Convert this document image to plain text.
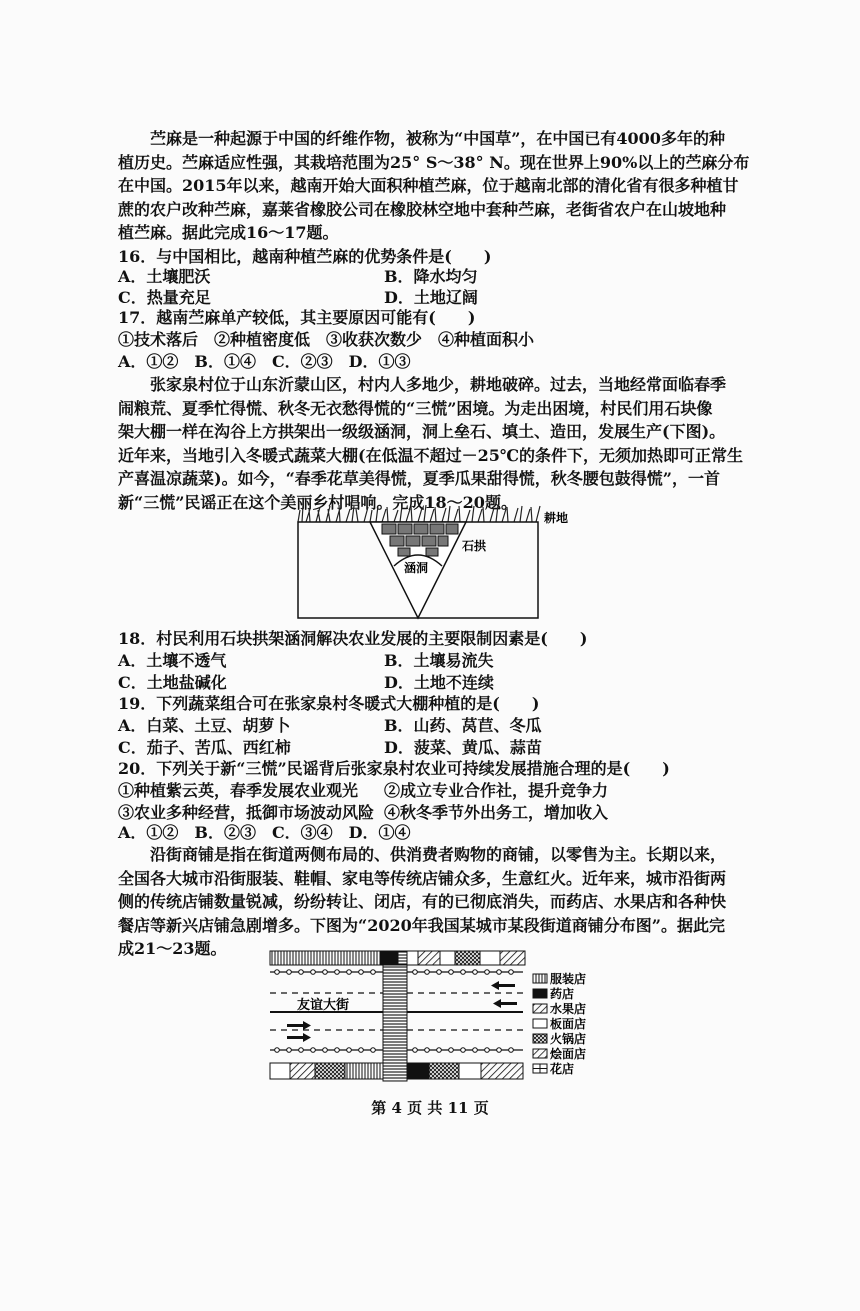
苎麻是一种起源于中国的纤维作物，被称为“中国草”，在中国已有4000多年的种
植历史。苎麻适应性强，其栽培范围为25° S～38° N。现在世界上90%以上的苎麻分布
在中国。2015年以来，越南开始大面积种植苎麻，位于越南北部的清化省有很多种植甘
蔗的农户改种苎麻，嘉莱省橡胶公司在橡胶林空地中套种苎麻，老街省农户在山坡地种
植苎麻。据此完成16～17题。
16．与中国相比，越南种植苎麻的优势条件是(　　)
A．土壤肥沃	B．降水均匀
C．热量充足	D．土地辽阔
17．越南苎麻单产较低，其主要原因可能有(　　)
①技术落后　②种植密度低　③收获次数少　④种植面积小
A．①②　B．①④　C．②③　D．①③
张家泉村位于山东沂蒙山区，村内人多地少，耕地破碎。过去，当地经常面临春季
闹粮荒、夏季忙得慌、秋冬无衣愁得慌的“三慌”困境。为走出困境，村民们用石块像
架大棚一样在沟谷上方拱架出一级级涵洞，洞上垒石、填土、造田，发展生产(下图)。
近年来，当地引入冬暖式蔬菜大棚(在低温不超过－25℃的条件下，无须加热即可正常生
产喜温凉蔬菜)。如今，“春季花草美得慌，夏季瓜果甜得慌，秋冬腰包鼓得慌”，一首
新“三慌”民谣正在这个美丽乡村唱响。完成18～20题。
涵洞
石拱
耕地
18．村民利用石块拱架涵洞解决农业发展的主要限制因素是(　　)
A．土壤不透气	B．土壤易流失
C．土地盐碱化	D．土地不连续
19．下列蔬菜组合可在张家泉村冬暖式大棚种植的是(　　)
A．白菜、土豆、胡萝卜	B．山药、莴苣、冬瓜
C．茄子、苦瓜、西红柿	D．菠菜、黄瓜、蒜苗
20．下列关于新“三慌”民谣背后张家泉村农业可持续发展措施合理的是(　　)
①种植紫云英，春季发展农业观光 ②成立专业合作社，提升竞争力
③农业多种经营，抵御市场波动风险 ④秋冬季节外出务工，增加收入
A．①②　B．②③　C．③④　D．①④
沿街商铺是指在街道两侧布局的、供消费者购物的商铺，以零售为主。长期以来，
全国各大城市沿街服装、鞋帽、家电等传统店铺众多，生意红火。近年来，城市沿街两
侧的传统店铺数量锐减，纷纷转让、闭店，有的已彻底消失，而药店、水果店和各种快
餐店等新兴店铺急剧增多。下图为“2020年我国某城市某段街道商铺分布图”。据此完
成21～23题。
友谊大街
服装店
药店
水果店
板面店
火锅店
烩面店
花店
第 4 页 共 11 页
